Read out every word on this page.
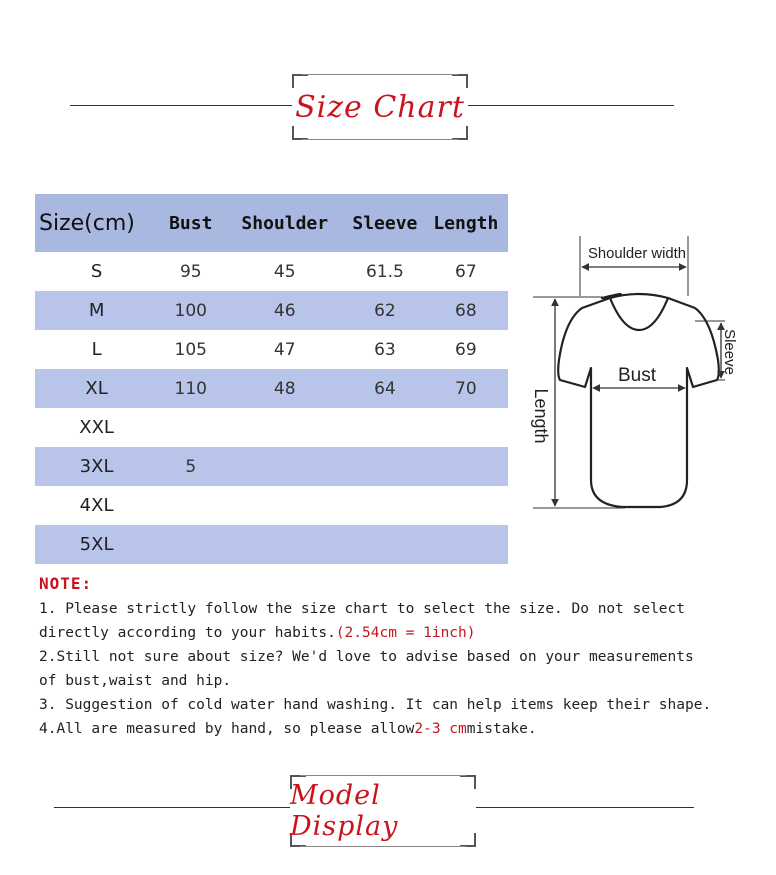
Size Chart
Size(cm)	Bust	Shoulder	Sleeve	Length
S	95	45	61.5	67
M	100	46	62	68
L	105	47	63	69
XL	110	48	64	70
XXL				
3XL	5			
4XL				
5XL				
Shoulder width
Bust
Length
Sleeve
NOTE:
1. Please strictly follow the size chart to select the size. Do not select
directly according to your habits.(2.54cm = 1inch)
2.Still not sure about size? We'd love to advise based on your measurements
of bust,waist and hip.
3. Suggestion of cold water hand washing. It can help items keep their shape.
4.All are measured by hand, so please allow2-3 cmmistake.
Model Display
